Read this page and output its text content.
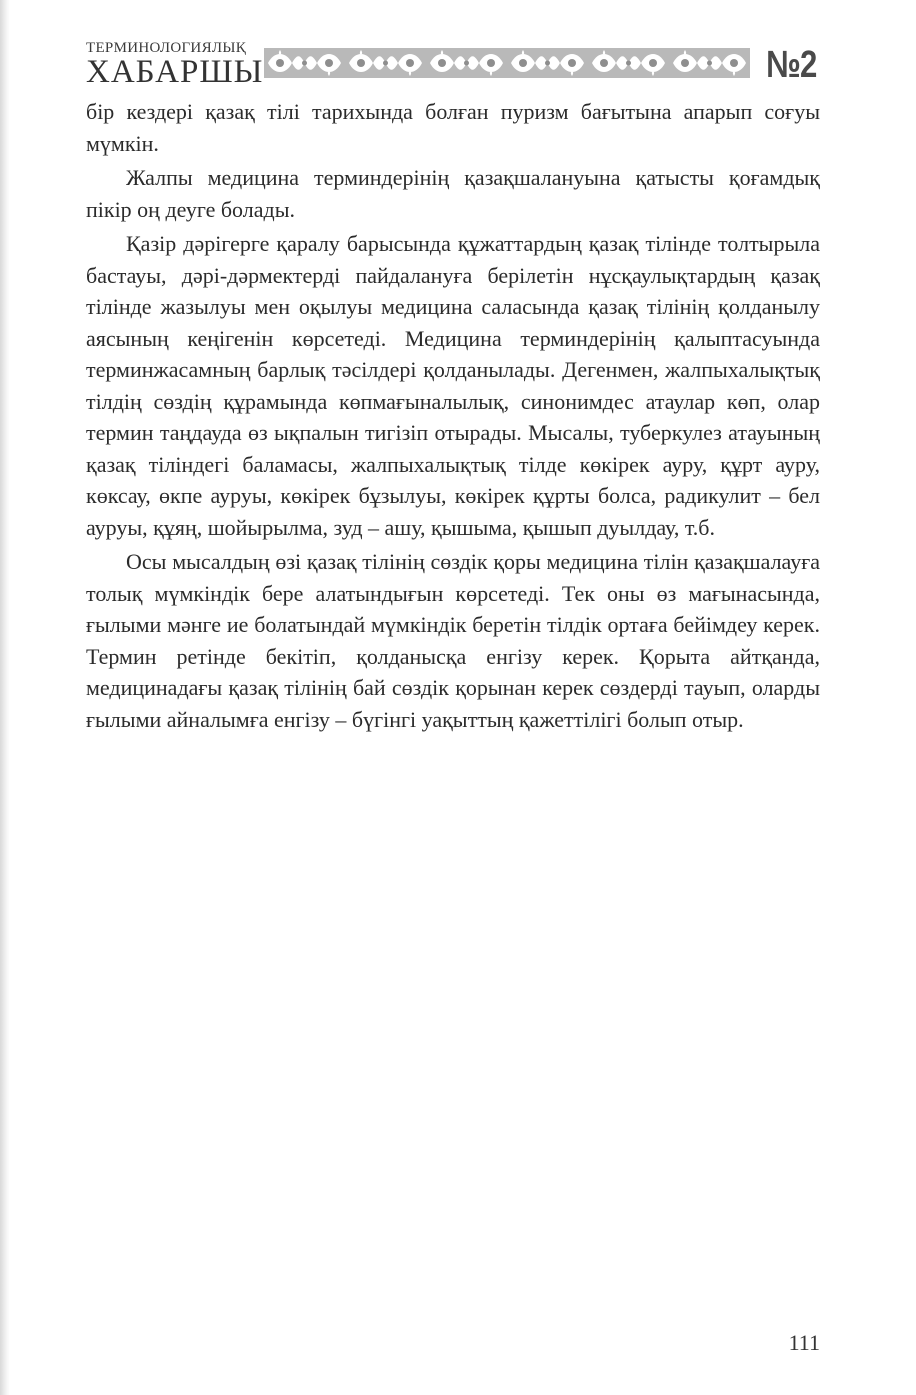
ТЕРМИНОЛОГИЯЛЫҚ
ХАБАРШЫ	№2

бір кездері қазақ тілі тарихында болған пуризм бағытына апарып соғуы мүмкін.

Жалпы медицина терминдерінің қазақшалануына қатысты қоғамдық пікір оң деуге болады.

Қазір дәрігерге қаралу барысында құжаттардың қазақ тілінде толтырыла бастауы, дәрі-дәрмектерді пайдалануға берілетін нұсқаулықтардың қазақ тілінде жазылуы мен оқылуы медицина саласында қазақ тілінің қолданылу аясының кеңігенін көрсетеді. Медицина терминдерінің қалыптасуында терминжасамның барлық тәсілдері қолданылады. Дегенмен, жалпыхалықтық тілдің сөздің құрамында көпмағыналылық, синонимдес атаулар көп, олар термин таңдауда өз ықпалын тигізіп отырады. Мысалы, туберкулез атауының қазақ тіліндегі баламасы, жалпыхалықтық тілде көкірек ауру, құрт ауру, көксау, өкпе ауруы, көкірек бұзылуы, көкірек құрты болса, радикулит – бел ауруы, құяң, шойырылма, зуд – ашу, қышыма, қышып дуылдау, т.б.

Осы мысалдың өзі қазақ тілінің сөздік қоры медицина тілін қазақшалауға толық мүмкіндік бере алатындығын көрсетеді. Тек оны өз мағынасында, ғылыми мәнге ие болатындай мүмкіндік беретін тілдік ортаға бейімдеу керек. Термин ретінде бекітіп, қолданысқа енгізу керек. Қорыта айтқанда, медицинадағы қазақ тілінің бай сөздік қорынан керек сөздерді тауып, оларды ғылыми айналымға енгізу – бүгінгі уақыттың қажеттілігі болып отыр.

111
